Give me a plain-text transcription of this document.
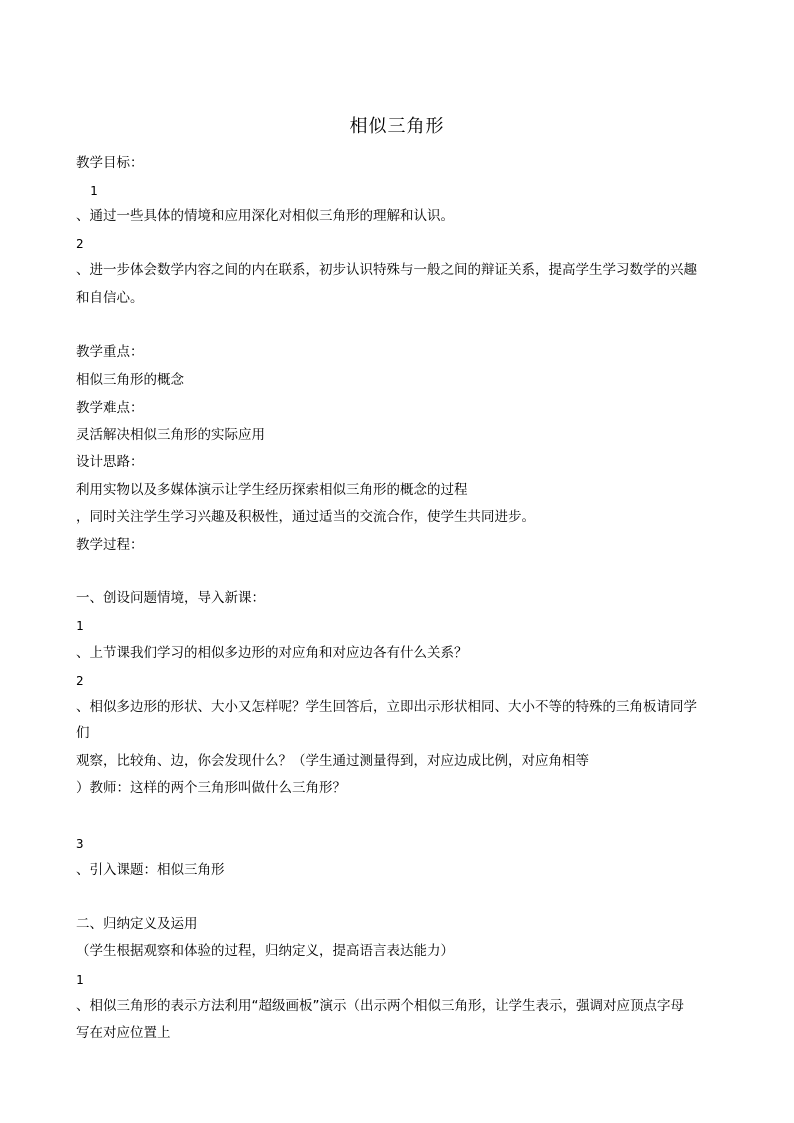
相似三角形
教学目标：
1
、通过一些具体的情境和应用深化对相似三角形的理解和认识。
2
、进一步体会数学内容之间的内在联系，初步认识特殊与一般之间的辩证关系，提高学生学习数学的兴趣
和自信心。
教学重点：
相似三角形的概念
教学难点：
灵活解决相似三角形的实际应用
设计思路：
利用实物以及多媒体演示让学生经历探索相似三角形的概念的过程
，同时关注学生学习兴趣及积极性，通过适当的交流合作，使学生共同进步。
教学过程：
一、创设问题情境，导入新课：
1
、上节课我们学习的相似多边形的对应角和对应边各有什么关系？
2
、相似多边形的形状、大小又怎样呢？学生回答后，立即出示形状相同、大小不等的特殊的三角板请同学
们
观察，比较角、边，你会发现什么？（学生通过测量得到，对应边成比例，对应角相等
）教师：这样的两个三角形叫做什么三角形？
3
、引入课题：相似三角形
二、归纳定义及运用
（学生根据观察和体验的过程，归纳定义，提高语言表达能力）
1
、相似三角形的表示方法利用“超级画板”演示（出示两个相似三角形，让学生表示，强调对应顶点字母
写在对应位置上
